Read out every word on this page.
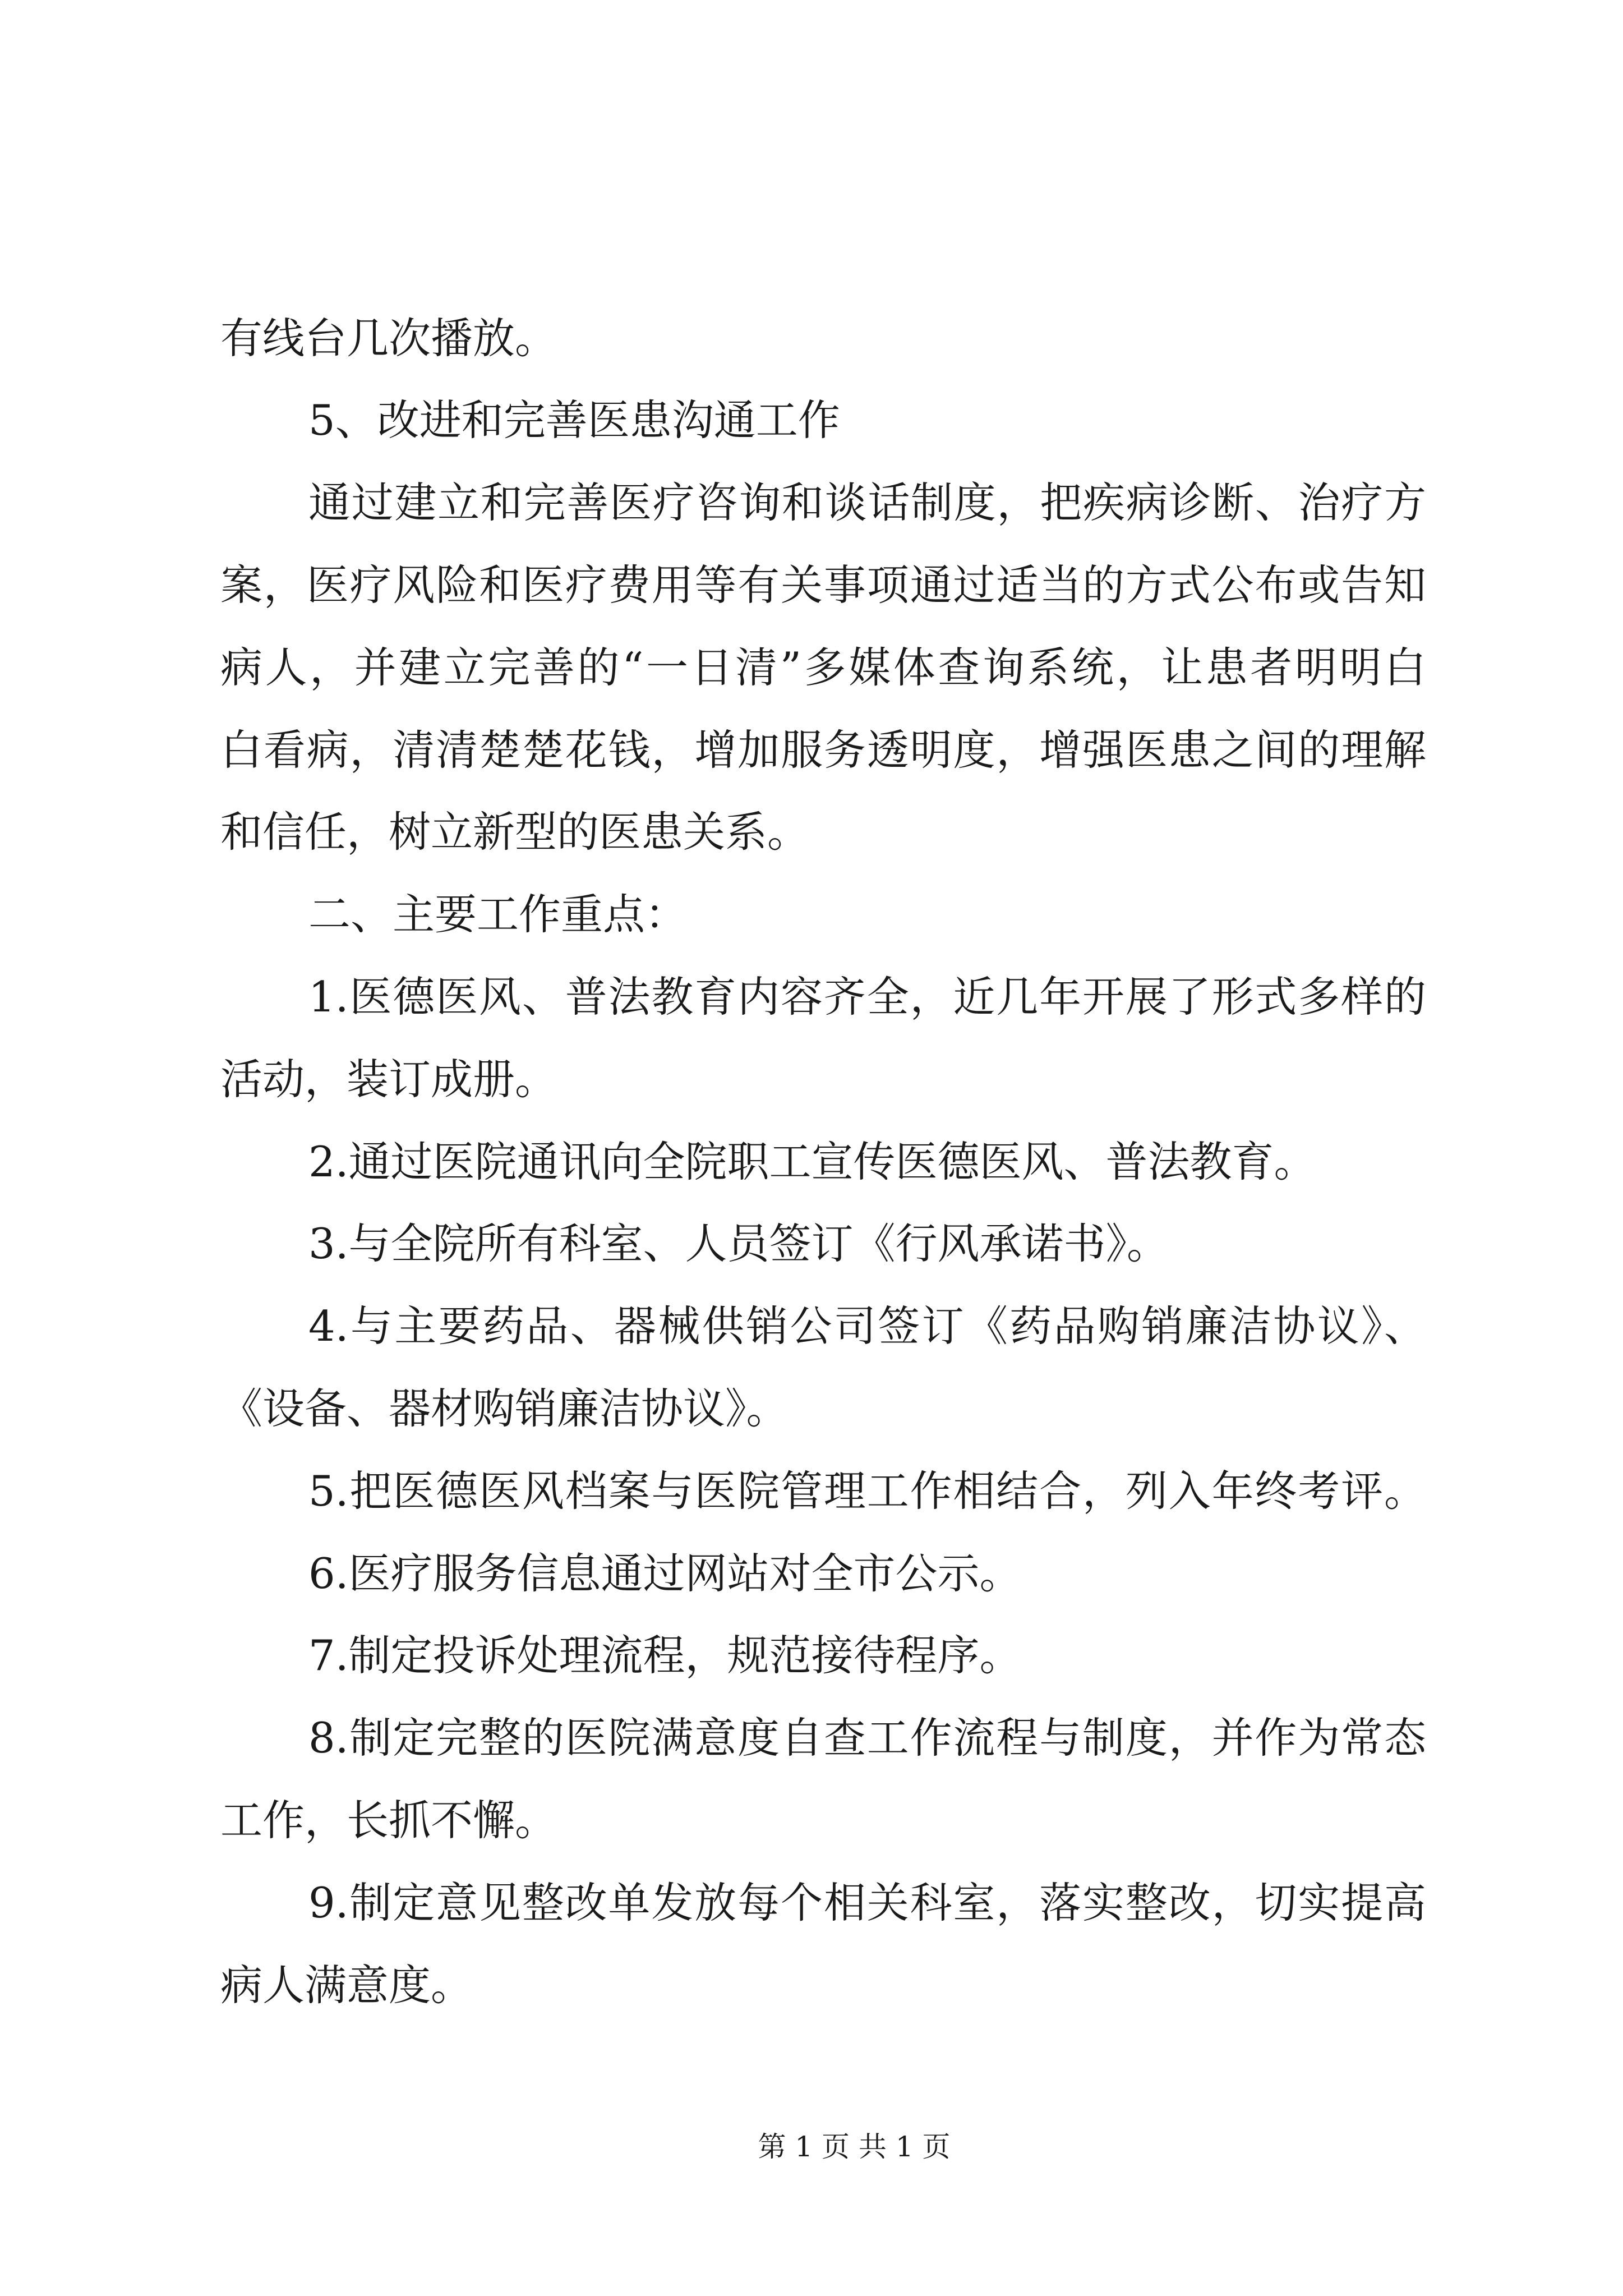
有线台几次播放。
5、改进和完善医患沟通工作
通过建立和完善医疗咨询和谈话制度，把疾病诊断、治疗方
案，医疗风险和医疗费用等有关事项通过适当的方式公布或告知
病人，并建立完善的“一日清”多媒体查询系统，让患者明明白
白看病，清清楚楚花钱，增加服务透明度，增强医患之间的理解
和信任，树立新型的医患关系。
二、主要工作重点：
1.医德医风、普法教育内容齐全，近几年开展了形式多样的
活动，装订成册。
2.通过医院通讯向全院职工宣传医德医风、普法教育。
3.与全院所有科室、人员签订《行风承诺书》。
4.与主要药品、器械供销公司签订《药品购销廉洁协议》、
《设备、器材购销廉洁协议》。
5.把医德医风档案与医院管理工作相结合，列入年终考评。
6.医疗服务信息通过网站对全市公示。
7.制定投诉处理流程，规范接待程序。
8.制定完整的医院满意度自查工作流程与制度，并作为常态
工作，长抓不懈。
9.制定意见整改单发放每个相关科室，落实整改，切实提高
病人满意度。
第 1 页 共 1 页
